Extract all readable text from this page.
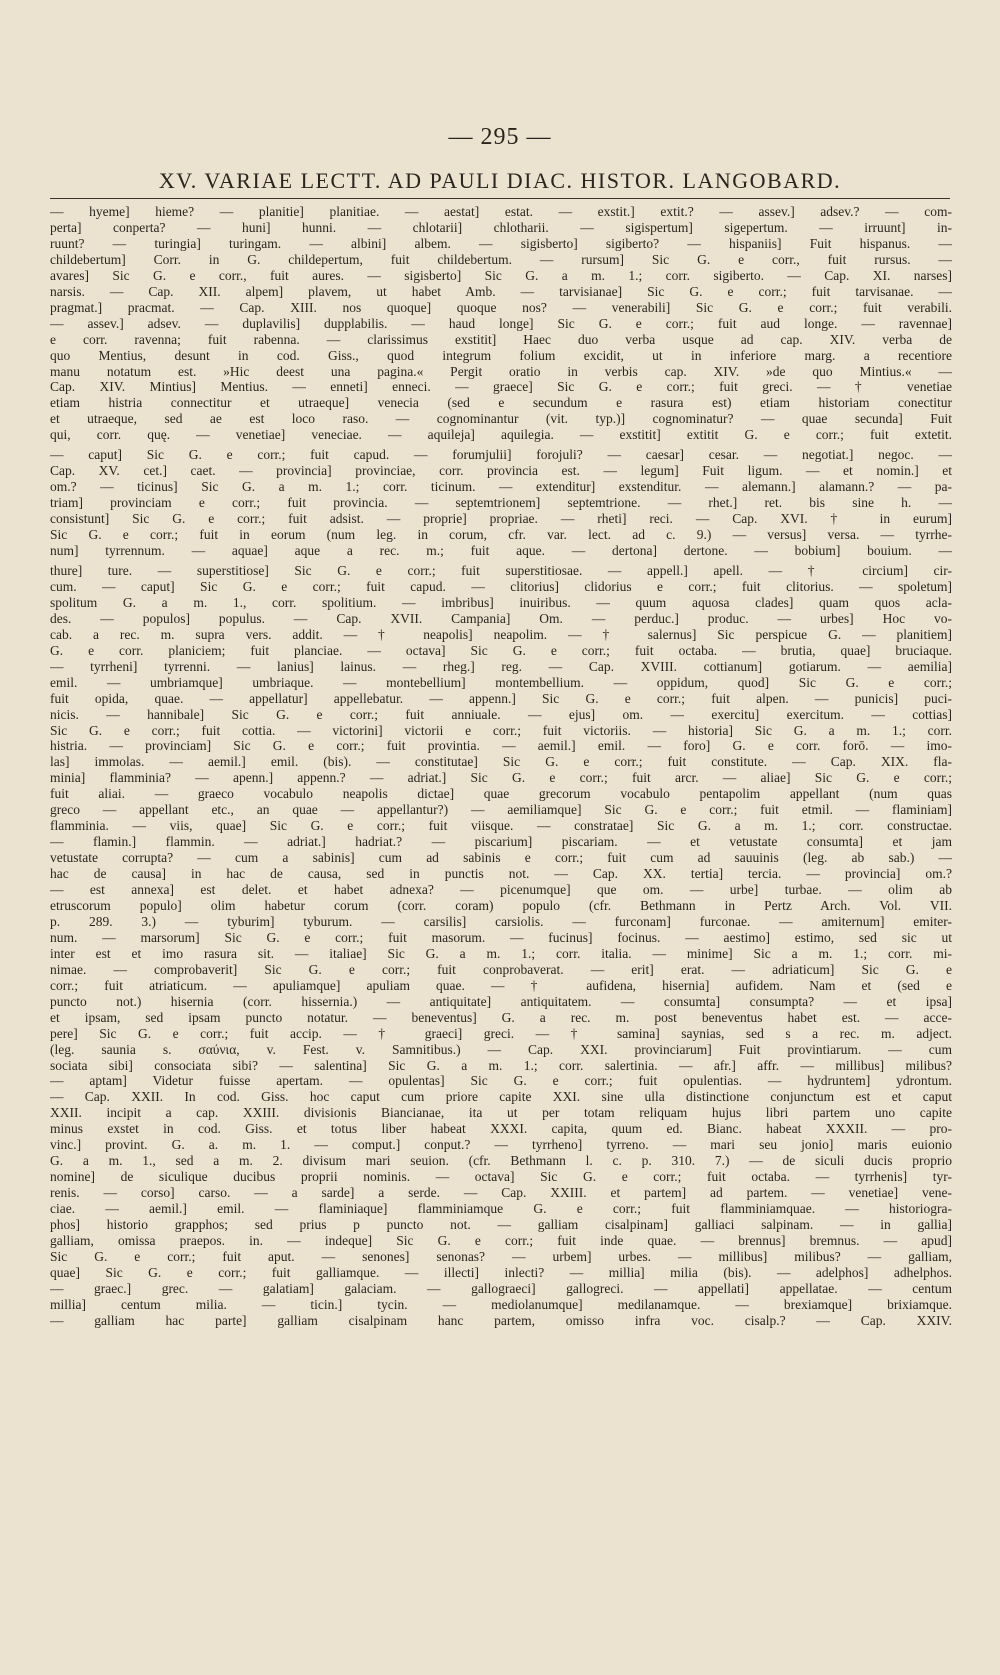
— 295 —
XV. VARIAE LECTT. AD PAULI DIAC. HISTOR. LANGOBARD.
— hyeme] hieme? — planitie] planitiae. — aestat] estat. — exstit.] extit.? — assev.] adsev.? — com-
perta] conperta? — huni] hunni. — chlotarii] chlotharii. — sigispertum] sigepertum. — irruunt] in-
ruunt? — turingia] turingam. — albini] albem. — sigisberto] sigiberto? — hispaniis] Fuit hispanus. —
childebertum] Corr. in G. childepertum, fuit childebertum. — rursum] Sic G. e corr., fuit rursus. —
avares] Sic G. e corr., fuit aures. — sigisberto] Sic G. a m. 1.; corr. sigiberto. — Cap. XI. narses]
narsis. — Cap. XII. alpem] plavem, ut habet Amb. — tarvisianae] Sic G. e corr.; fuit tarvisanae. —
pragmat.] pracmat. — Cap. XIII. nos quoque] quoque nos? — venerabili] Sic G. e corr.; fuit verabili.
— assev.] adsev. — duplavilis] dupplabilis. — haud longe] Sic G. e corr.; fuit aud longe. — ravennae]
e corr. ravenna; fuit rabenna. — clarissimus exstitit] Haec duo verba usque ad cap. XIV. verba de
quo Mentius, desunt in cod. Giss., quod integrum folium excidit, ut in inferiore marg. a recentiore
manu notatum est. »Hic deest una pagina.« Pergit oratio in verbis cap. XIV. »de quo Mintius.« —
Cap. XIV. Mintius] Mentius. — enneti] enneci. — graece] Sic G. e corr.; fuit greci. — † venetiae
etiam histria connectitur et utraeque] venecia (sed e secundum e rasura est) etiam historiam conectitur
et utraeque, sed ae est loco raso. — cognominantur (vit. typ.)] cognominatur? — quae secunda] Fuit
qui, corr. quę. — venetiae] veneciae. — aquileja] aquilegia. — exstitit] extitit G. e corr.; fuit extetit.
— caput] Sic G. e corr.; fuit capud. — forumjulii] forojuli? — caesar] cesar. — negotiat.] negoc. —
Cap. XV. cet.] caet. — provincia] provinciae, corr. provincia est. — legum] Fuit ligum. — et nomin.] et
om.? — ticinus] Sic G. a m. 1.; corr. ticinum. — extenditur] exstenditur. — alemann.] alamann.? — pa-
triam] provinciam e corr.; fuit provincia. — septemtrionem] septemtrione. — rhet.] ret. bis sine h. —
consistunt] Sic G. e corr.; fuit adsist. — proprie] propriae. — rheti] reci. — Cap. XVI. † in eurum]
Sic G. e corr.; fuit in eorum (num leg. in corum, cfr. var. lect. ad c. 9.) — versus] versa. — tyrrhe-
num] tyrrennum. — aquae] aque a rec. m.; fuit aque. — dertona] dertone. — bobium] bouium. —
thure] ture. — superstitiose] Sic G. e corr.; fuit superstitiosae. — appell.] apell. — † circium] cir-
cum. — caput] Sic G. e corr.; fuit capud. — clitorius] clidorius e corr.; fuit clitorius. — spoletum]
spolitum G. a m. 1., corr. spolitium. — imbribus] inuiribus. — quum aquosa clades] quam quos acla-
des. — populos] populus. — Cap. XVII. Campania] Om. — perduc.] produc. — urbes] Hoc vo-
cab. a rec. m. supra vers. addit. — † neapolis] neapolim. — † salernus] Sic perspicue G. — planitiem]
G. e corr. planiciem; fuit planciae. — octava] Sic G. e corr.; fuit octaba. — brutia, quae] bruciaque.
— tyrrheni] tyrrenni. — lanius] lainus. — rheg.] reg. — Cap. XVIII. cottianum] gotiarum. — aemilia]
emil. — umbriamque] umbriaque. — montebellium] montembellium. — oppidum, quod] Sic G. e corr.;
fuit opida, quae. — appellatur] appellebatur. — appenn.] Sic G. e corr.; fuit alpen. — punicis] puci-
nicis. — hannibale] Sic G. e corr.; fuit anniuale. — ejus] om. — exercitu] exercitum. — cottias]
Sic G. e corr.; fuit cottia. — victorini] victorii e corr.; fuit victoriis. — historia] Sic G. a m. 1.; corr.
histria. — provinciam] Sic G. e corr.; fuit provintia. — aemil.] emil. — foro] G. e corr. forō. — imo-
las] immolas. — aemil.] emil. (bis). — constitutae] Sic G. e corr.; fuit constitute. — Cap. XIX. fla-
minia] flamminia? — apenn.] appenn.? — adriat.] Sic G. e corr.; fuit arcr. — aliae] Sic G. e corr.;
fuit aliai. — graeco vocabulo neapolis dictae] quae grecorum vocabulo pentapolim appellant (num quas
greco — appellant etc., an quae — appellantur?) — aemiliamque] Sic G. e corr.; fuit etmil. — flaminiam]
flamminia. — viis, quae] Sic G. e corr.; fuit viisque. — constratae] Sic G. a m. 1.; corr. constructae.
— flamin.] flammin. — adriat.] hadriat.? — piscarium] piscariam. — et vetustate consumta] et jam
vetustate corrupta? — cum a sabinis] cum ad sabinis e corr.; fuit cum ad sauuinis (leg. ab sab.) —
hac de causa] in hac de causa, sed in punctis not. — Cap. XX. tertia] tercia. — provincia] om.?
— est annexa] est delet. et habet adnexa? — picenumque] que om. — urbe] turbae. — olim ab
etruscorum populo] olim habetur corum (corr. coram) populo (cfr. Bethmann in Pertz Arch. Vol. VII.
p. 289. 3.) — tyburim] tyburum. — carsilis] carsiolis. — furconam] furconae. — amiternum] emiter-
num. — marsorum] Sic G. e corr.; fuit masorum. — fucinus] focinus. — aestimo] estimo, sed sic ut
inter est et imo rasura sit. — italiae] Sic G. a m. 1.; corr. italia. — minime] Sic a m. 1.; corr. mi-
nimae. — comprobaverit] Sic G. e corr.; fuit conprobaverat. — erit] erat. — adriaticum] Sic G. e
corr.; fuit atriaticum. — apuliamque] apuliam quae. — † aufidena, hisernia] aufidem. Nam et (sed e
puncto not.) hisernia (corr. hissernia.) — antiquitate] antiquitatem. — consumta] consumpta? — et ipsa]
et ipsam, sed ipsam puncto notatur. — beneventus] G. a rec. m. post beneventus habet est. — acce-
pere] Sic G. e corr.; fuit accip. — † graeci] greci. — † samina] saynias, sed s a rec. m. adject.
(leg. saunia s. σαύνια, v. Fest. v. Samnitibus.) — Cap. XXI. provinciarum] Fuit provintiarum. — cum
sociata sibi] consociata sibi? — salentina] Sic G. a m. 1.; corr. salertinia. — afr.] affr. — millibus] milibus?
— aptam] Videtur fuisse apertam. — opulentas] Sic G. e corr.; fuit opulentias. — hydruntem] ydrontum.
— Cap. XXII. In cod. Giss. hoc caput cum priore capite XXI. sine ulla distinctione conjunctum est et caput
XXII. incipit a cap. XXIII. divisionis Biancianae, ita ut per totam reliquam hujus libri partem uno capite
minus exstet in cod. Giss. et totus liber habeat XXXI. capita, quum ed. Bianc. habeat XXXII. — pro-
vinc.] provint. G. a. m. 1. — comput.] conput.? — tyrrheno] tyrreno. — mari seu jonio] maris euionio
G. a m. 1., sed a m. 2. divisum mari seuion. (cfr. Bethmann l. c. p. 310. 7.) — de siculi ducis proprio
nomine] de siculique ducibus proprii nominis. — octava] Sic G. e corr.; fuit octaba. — tyrrhenis] tyr-
renis. — corso] carso. — a sarde] a serde. — Cap. XXIII. et partem] ad partem. — venetiae] vene-
ciae. — aemil.] emil. — flaminiaque] flamminiamque G. e corr.; fuit flamminiamquae. — historiogra-
phos] historio grapphos; sed prius p puncto not. — galliam cisalpinam] galliaci salpinam. — in gallia]
galliam, omissa praepos. in. — indeque] Sic G. e corr.; fuit inde quae. — brennus] bremnus. — apud]
Sic G. e corr.; fuit aput. — senones] senonas? — urbem] urbes. — millibus] milibus? — galliam,
quae] Sic G. e corr.; fuit galliamque. — illecti] inlecti? — millia] milia (bis). — adelphos] adhelphos.
— graec.] grec. — galatiam] galaciam. — gallograeci] gallogreci. — appellati] appellatae. — centum
millia] centum milia. — ticin.] tycin. — mediolanumque] medilanamque. — brexiamque] brixiamque.
— galliam hac parte] galliam cisalpinam hanc partem, omisso infra voc. cisalp.? — Cap. XXIV.
